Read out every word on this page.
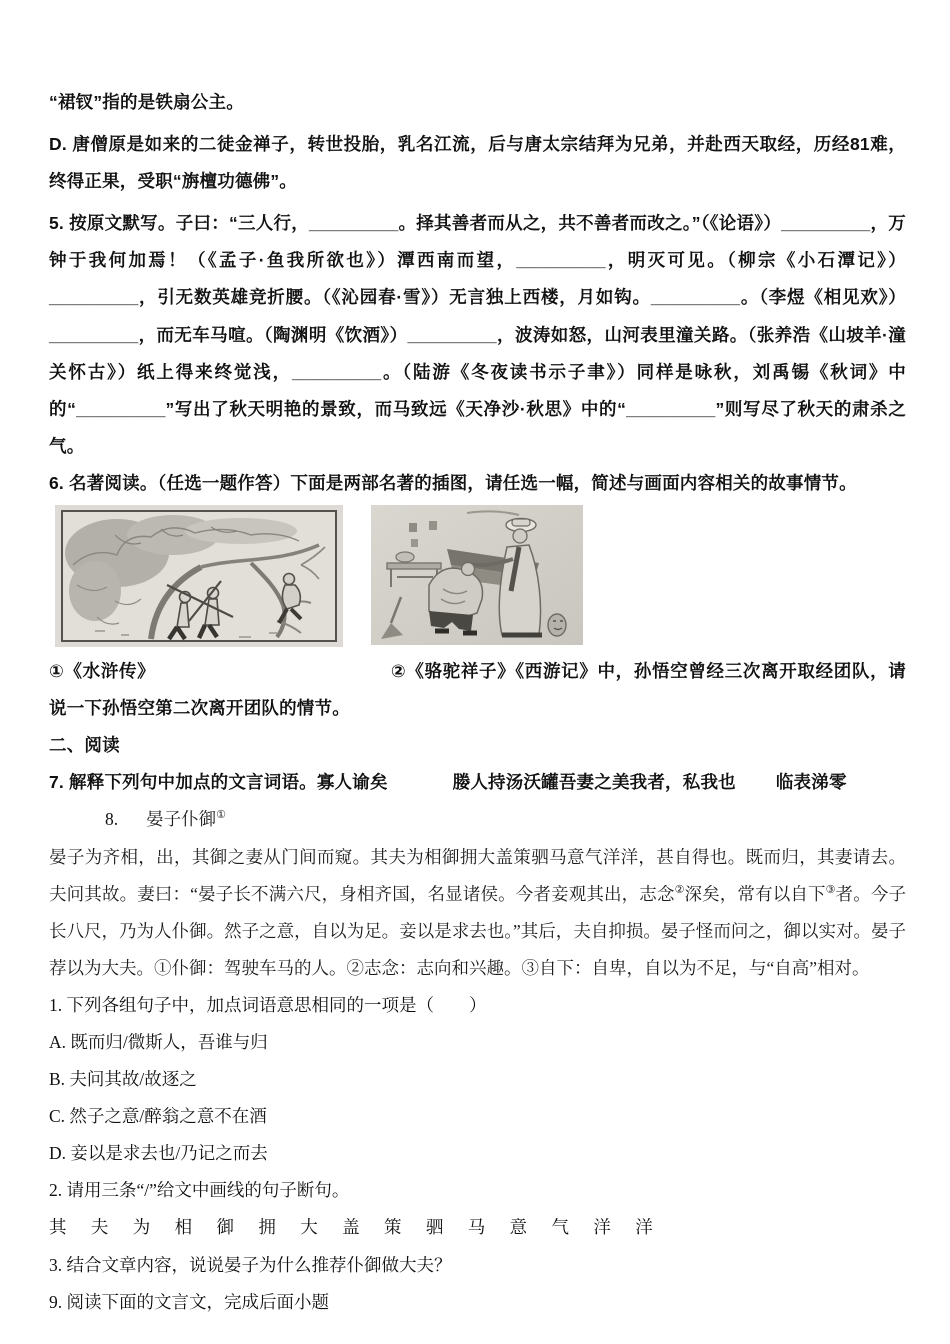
“裙钗”指的是铁扇公主。

D. 唐僧原是如来的二徒金禅子，转世投胎，乳名江流，后与唐太宗结拜为兄弟，并赴西天取经，历经81难，终得正果，受职“旃檀功德佛”。

5. 按原文默写。子曰：“三人行，_________。择其善者而从之，共不善者而改之。”（《论语》）_________，万钟于我何加焉！（《孟子·鱼我所欲也》）潭西南而望，_________，明灭可见。（柳宗《小石潭记》）_________，引无数英雄竞折腰。（《沁园春·雪》）无言独上西楼，月如钩。_________。（李煜《相见欢》）_________，而无车马喧。（陶渊明《饮酒》）_________，波涛如怒，山河表里潼关路。（张养浩《山坡羊·潼关怀古》）纸上得来终觉浅，_________。（陆游《冬夜读书示子聿》）同样是咏秋，刘禹锡《秋词》中的“_________”写出了秋天明艳的景致，而马致远《天净沙·秋思》中的“_________”则写尽了秋天的肃杀之气。

6. 名著阅读。（任选一题作答）下面是两部名著的插图，请任选一幅，简述与画面内容相关的故事情节。

①《水浒传》	②《骆驼祥子》《西游记》中，孙悟空曾经三次离开取经团队，请说一下孙悟空第二次离开团队的情节。

二、阅读

7. 解释下列句中加点的文言词语。寡人谕矣	媵人持汤沃罐吾妻之美我者，私我也 临表涕零

8. 晏子仆御①

晏子为齐相，出，其御之妻从门间而窥。其夫为相御拥大盖策驷马意气洋洋，甚自得也。既而归，其妻请去。夫问其故。妻曰：“晏子长不满六尺，身相齐国，名显诸侯。今者妾观其出，志念②深矣，常有以自下③者。今子长八尺，乃为人仆御。然子之意，自以为足。妾以是求去也。”其后，夫自抑损。晏子怪而问之，御以实对。晏子荐以为大夫。①仆御：驾驶车马的人。②志念：志向和兴趣。③自下：自卑，自以为不足，与“自高”相对。

1. 下列各组句子中，加点词语意思相同的一项是（　　）

A. 既而归/微斯人，吾谁与归

B. 夫问其故/故逐之

C. 然子之意/醉翁之意不在酒

D. 妾以是求去也/乃记之而去

2. 请用三条“/”给文中画线的句子断句。

其 夫 为 相 御 拥 大 盖 策 驷 马 意 气 洋 洋

3. 结合文章内容，说说晏子为什么推荐仆御做大夫？

9. 阅读下面的文言文，完成后面小题
